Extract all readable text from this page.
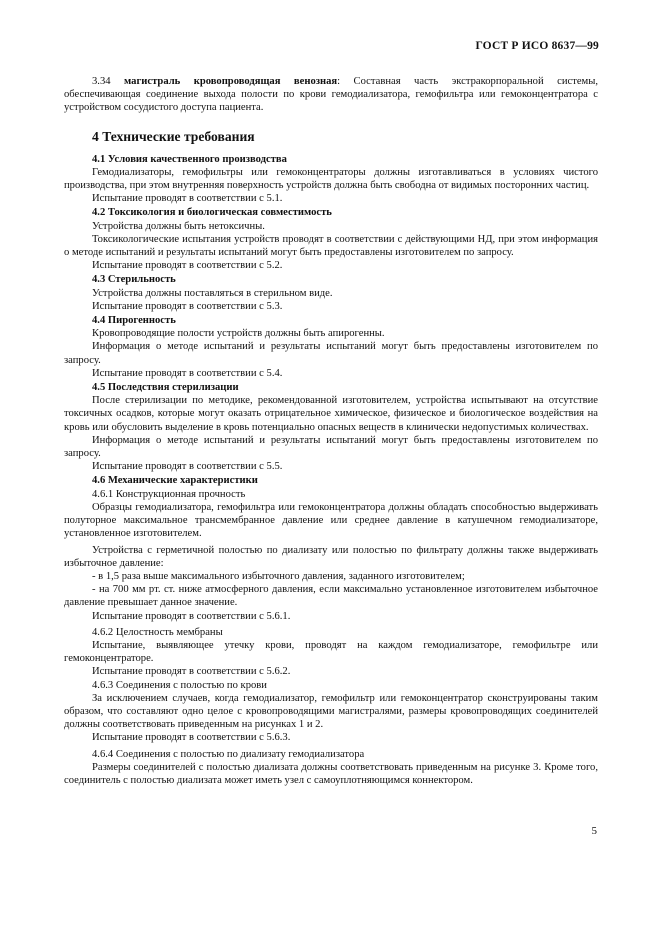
ГОСТ Р ИСО 8637—99

3.34 магистраль кровопроводящая венозная: Составная часть экстракорпоральной системы, обеспечивающая соединение выхода полости по крови гемодиализатора, гемофильтра или гемоконцентратора с устройством сосудистого доступа пациента.

4 Технические требования

4.1 Условия качественного производства

Гемодиализаторы, гемофильтры или гемоконцентраторы должны изготавливаться в условиях чистого производства, при этом внутренняя поверхность устройств должна быть свободна от видимых посторонних частиц.

Испытание проводят в соответствии с 5.1.

4.2 Токсикология и биологическая совместимость

Устройства должны быть нетоксичны.

Токсикологические испытания устройств проводят в соответствии с действующими НД, при этом информация о методе испытаний и результаты испытаний могут быть предоставлены изготовителем по запросу.

Испытание проводят в соответствии с 5.2.

4.3 Стерильность

Устройства должны поставляться в стерильном виде.

Испытание проводят в соответствии с 5.3.

4.4 Пирогенность

Кровопроводящие полости устройств должны быть апирогенны.

Информация о методе испытаний и результаты испытаний могут быть предоставлены изготовителем по запросу.

Испытание проводят в соответствии с 5.4.

4.5 Последствия стерилизации

После стерилизации по методике, рекомендованной изготовителем, устройства испытывают на отсутствие токсичных осадков, которые могут оказать отрицательное химическое, физическое и биологическое воздействия на кровь или обусловить выделение в кровь потенциально опасных веществ в клинически недопустимых количествах.

Информация о методе испытаний и результаты испытаний могут быть предоставлены изготовителем по запросу.

Испытание проводят в соответствии с 5.5.

4.6 Механические характеристики

4.6.1 Конструкционная прочность

Образцы гемодиализатора, гемофильтра или гемоконцентратора должны обладать способностью выдерживать полуторное максимальное трансмембранное давление или среднее давление в катушечном гемодиализаторе, установленное изготовителем.

Устройства с герметичной полостью по диализату или полостью по фильтрату должны также выдерживать избыточное давление:

- в 1,5 раза выше максимального избыточного давления, заданного изготовителем;

- на 700 мм рт. ст. ниже атмосферного давления, если максимально установленное изготовителем избыточное давление превышает данное значение.

Испытание проводят в соответствии с 5.6.1.

4.6.2 Целостность мембраны

Испытание, выявляющее утечку крови, проводят на каждом гемодиализаторе, гемофильтре или гемоконцентраторе.

Испытание проводят в соответствии с 5.6.2.

4.6.3 Соединения с полостью по крови

За исключением случаев, когда гемодиализатор, гемофильтр или гемоконцентратор сконструированы таким образом, что составляют одно целое с кровопроводящими магистралями, размеры кровопроводящих соединителей должны соответствовать приведенным на рисунках 1 и 2.

Испытание проводят в соответствии с 5.6.3.

4.6.4 Соединения с полостью по диализату гемодиализатора

Размеры соединителей с полостью диализата должны соответствовать приведенным на рисунке 3. Кроме того, соединитель с полостью диализата может иметь узел с самоуплотняющимся коннектором.

5
